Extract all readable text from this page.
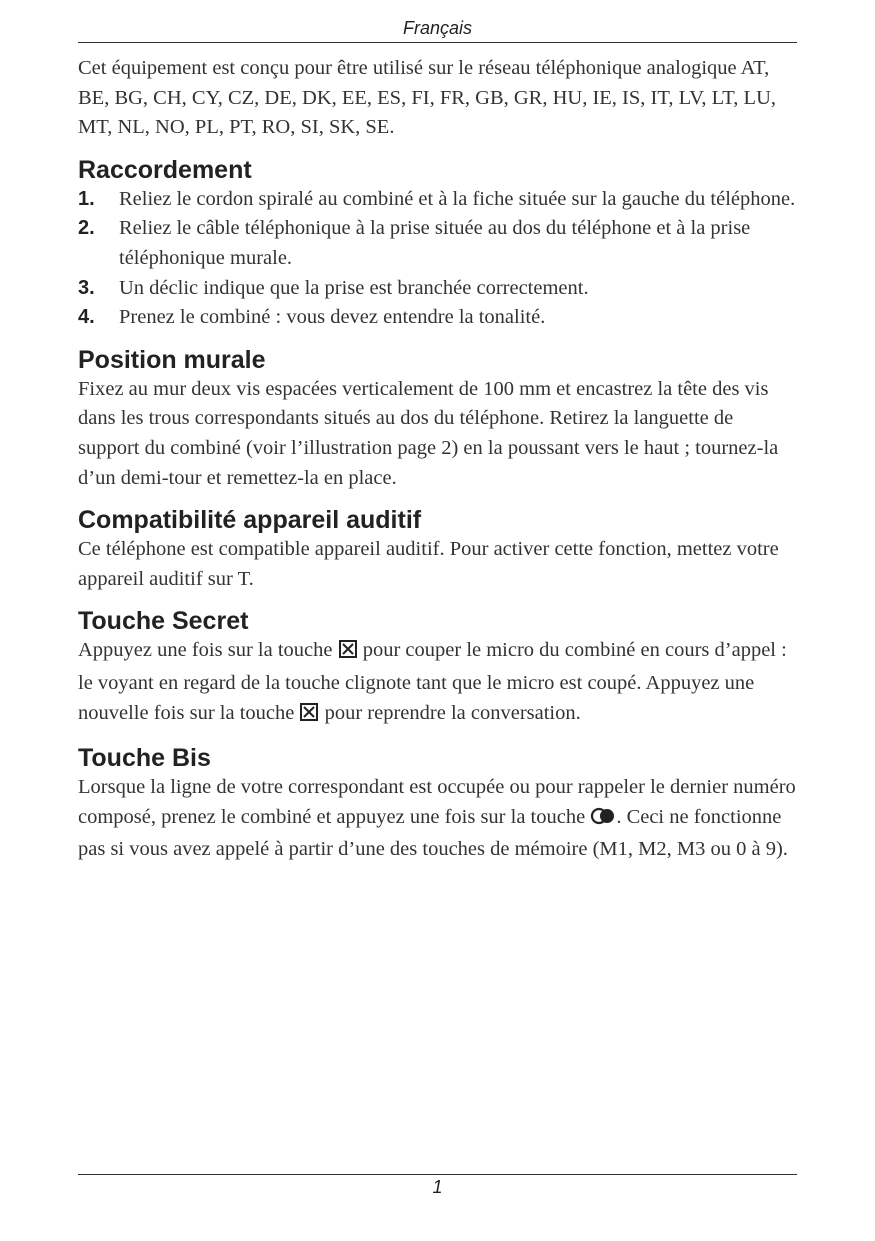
Français

Cet équipement est conçu pour être utilisé sur le réseau téléphonique analogique AT, BE, BG, CH, CY, CZ, DE, DK, EE, ES, FI, FR, GB, GR, HU, IE, IS, IT, LV, LT, LU, MT, NL, NO, PL, PT, RO, SI, SK, SE.

Raccordement
1. Reliez le cordon spiralé au combiné et à la fiche située sur la gauche du téléphone.
2. Reliez le câble téléphonique à la prise située au dos du téléphone et à la prise téléphonique murale.
3. Un déclic indique que la prise est branchée correctement.
4. Prenez le combiné : vous devez entendre la tonalité.
Position murale

Fixez au mur deux vis espacées verticalement de 100 mm et encastrez la tête des vis dans les trous correspondants situés au dos du téléphone. Retirez la languette de support du combiné (voir l’illustration page 2) en la poussant vers le haut ; tournez-la d’un demi-tour et remettez-la en place.

Compatibilité appareil auditif

Ce téléphone est compatible appareil auditif. Pour activer cette fonction, mettez votre appareil auditif sur T.

Touche Secret

Appuyez une fois sur la touche pour couper le micro du combiné en cours d’appel : le voyant en regard de la touche clignote tant que le micro est coupé. Appuyez une nouvelle fois sur la touche pour reprendre la conversation.

Touche Bis

Lorsque la ligne de votre correspondant est occupée ou pour rappeler le dernier numéro composé, prenez le combiné et appuyez une fois sur la touche . Ceci ne fonctionne pas si vous avez appelé à partir d’une des touches de mémoire (M1, M2, M3 ou 0 à 9).

1
